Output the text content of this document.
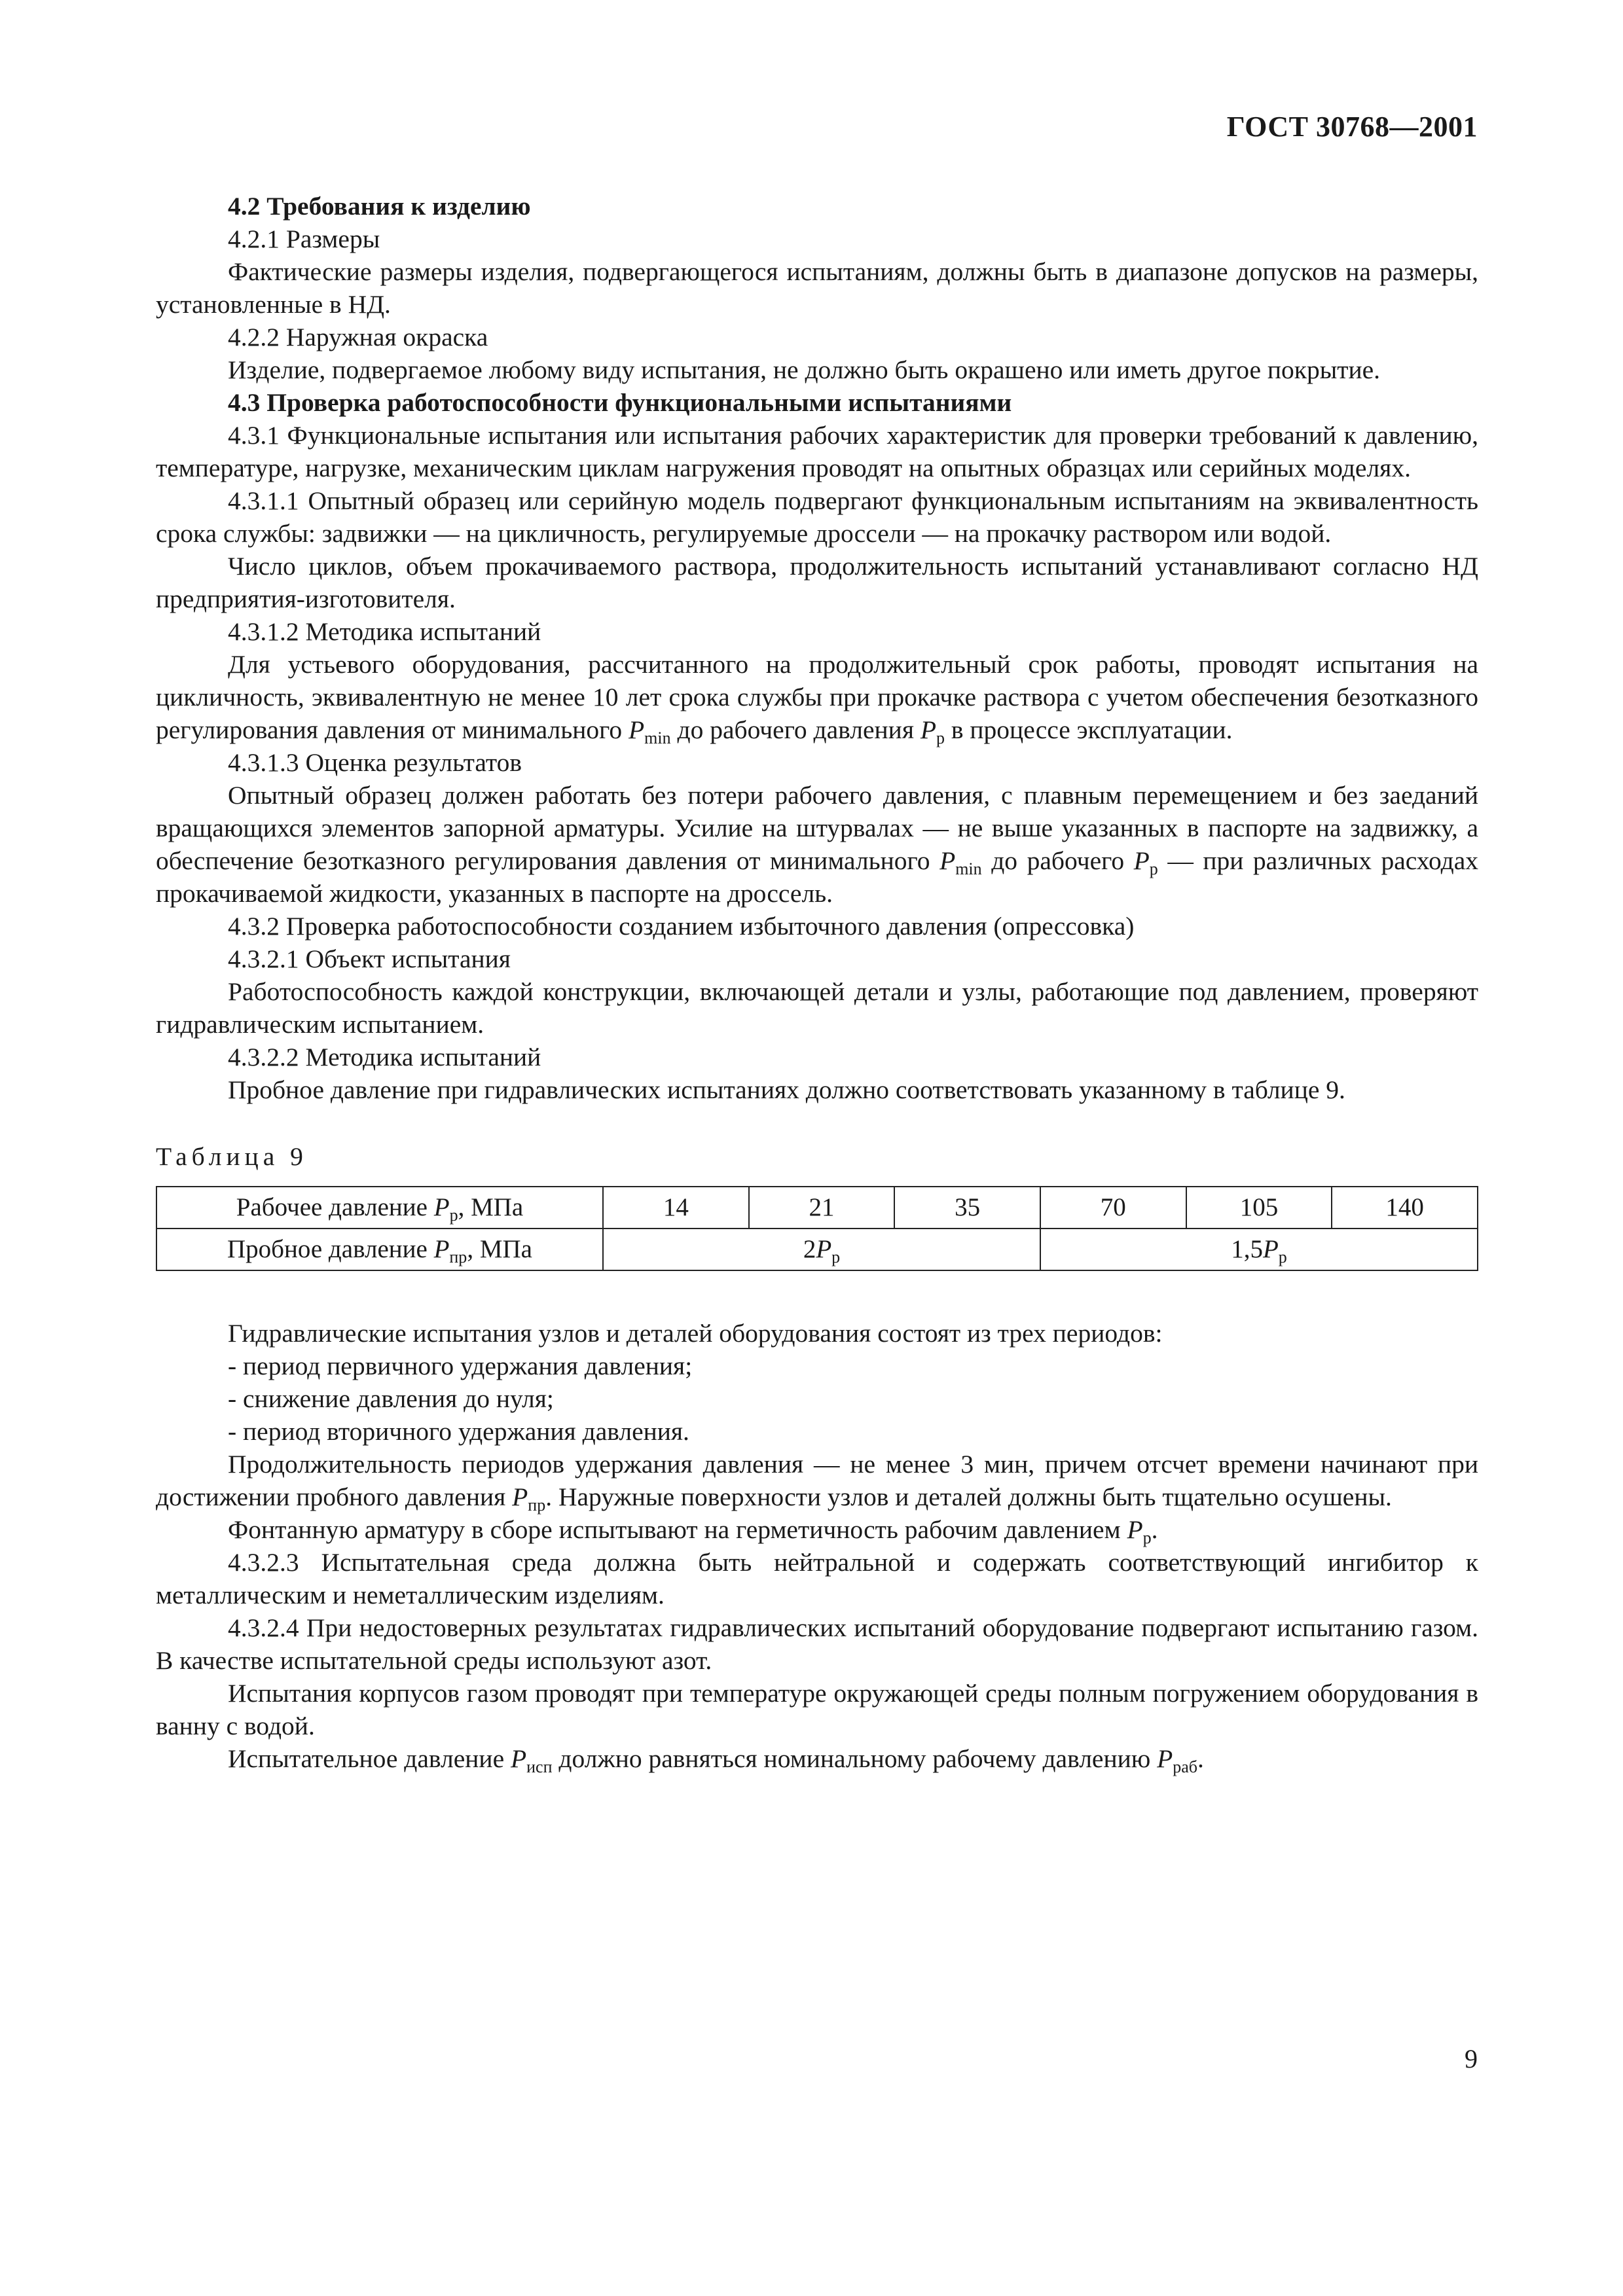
ГОСТ 30768—2001

4.2 Требования к изделию

4.2.1 Размеры

Фактические размеры изделия, подвергающегося испытаниям, должны быть в диапазоне допусков на размеры, установленные в НД.

4.2.2 Наружная окраска

Изделие, подвергаемое любому виду испытания, не должно быть окрашено или иметь другое покрытие.

4.3 Проверка работоспособности функциональными испытаниями

4.3.1 Функциональные испытания или испытания рабочих характеристик для проверки требований к давлению, температуре, нагрузке, механическим циклам нагружения проводят на опытных образцах или серийных моделях.

4.3.1.1 Опытный образец или серийную модель подвергают функциональным испытаниям на эквивалентность срока службы: задвижки — на цикличность, регулируемые дроссели — на прокачку раствором или водой.

Число циклов, объем прокачиваемого раствора, продолжительность испытаний устанавливают согласно НД предприятия-изготовителя.

4.3.1.2 Методика испытаний

Для устьевого оборудования, рассчитанного на продолжительный срок работы, проводят испытания на цикличность, эквивалентную не менее 10 лет срока службы при прокачке раствора с учетом обеспечения безотказного регулирования давления от минимального $P_{min}$ до рабочего давления $P_р$ в процессе эксплуатации.

4.3.1.3 Оценка результатов

Опытный образец должен работать без потери рабочего давления, с плавным перемещением и без заеданий вращающихся элементов запорной арматуры. Усилие на штурвалах — не выше указанных в паспорте на задвижку, а обеспечение безотказного регулирования давления от минимального $P_{min}$ до рабочего $P_р$ — при различных расходах прокачиваемой жидкости, указанных в паспорте на дроссель.

4.3.2 Проверка работоспособности созданием избыточного давления (опрессовка)

4.3.2.1 Объект испытания

Работоспособность каждой конструкции, включающей детали и узлы, работающие под давлением, проверяют гидравлическим испытанием.

4.3.2.2 Методика испытаний

Пробное давление при гидравлических испытаниях должно соответствовать указанному в таблице 9.

Таблица 9

Рабочее давление $P_р$, МПа	14	21	35	70	105	140
Пробное давление $P_{пр}$, МПа	$2P_р$			$1,5P_р$

Гидравлические испытания узлов и деталей оборудования состоят из трех периодов:

- период первичного удержания давления;

- снижение давления до нуля;

- период вторичного удержания давления.

Продолжительность периодов удержания давления — не менее 3 мин, причем отсчет времени начинают при достижении пробного давления $P_{пр}$. Наружные поверхности узлов и деталей должны быть тщательно осушены.

Фонтанную арматуру в сборе испытывают на герметичность рабочим давлением $P_р$.

4.3.2.3 Испытательная среда должна быть нейтральной и содержать соответствующий ингибитор к металлическим и неметаллическим изделиям.

4.3.2.4 При недостоверных результатах гидравлических испытаний оборудование подвергают испытанию газом. В качестве испытательной среды используют азот.

Испытания корпусов газом проводят при температуре окружающей среды полным погружением оборудования в ванну с водой.

Испытательное давление $P_{исп}$ должно равняться номинальному рабочему давлению $P_{раб}$.

9
